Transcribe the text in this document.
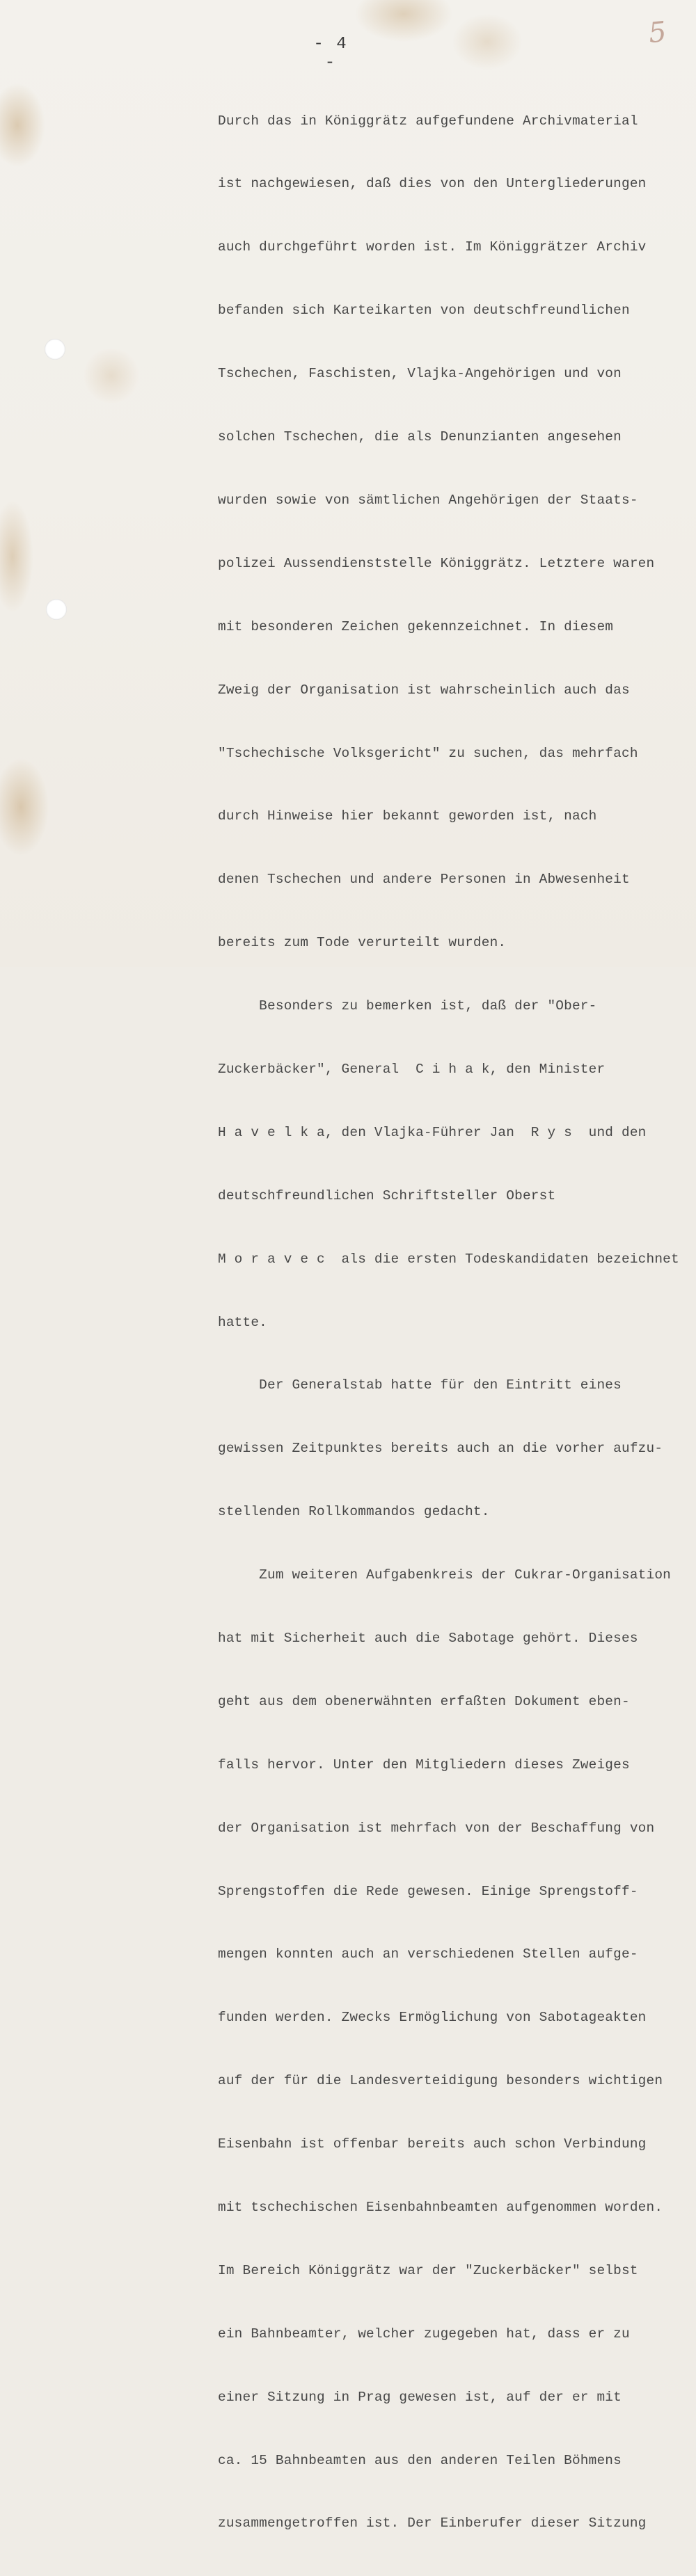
- 4 -
5

Durch das in Königgrätz aufgefundene Archivmaterial

ist nachgewiesen, daß dies von den Untergliederungen

auch durchgeführt worden ist. Im Königgrätzer Archiv

befanden sich Karteikarten von deutschfreundlichen

Tschechen, Faschisten, Vlajka-Angehörigen und von

solchen Tschechen, die als Denunzianten angesehen

wurden sowie von sämtlichen Angehörigen der Staats-

polizei Aussendienststelle Königgrätz. Letztere waren

mit besonderen Zeichen gekennzeichnet. In diesem

Zweig der Organisation ist wahrscheinlich auch das

"Tschechische Volksgericht" zu suchen, das mehrfach

durch Hinweise hier bekannt geworden ist, nach

denen Tschechen und andere Personen in Abwesenheit

bereits zum Tode verurteilt wurden.

Besonders zu bemerken ist, daß der "Ober-

Zuckerbäcker", General  C i h a k, den Minister

H a v e l k a, den Vlajka-Führer Jan  R y s  und den

deutschfreundlichen Schriftsteller Oberst

M o r a v e c  als die ersten Todeskandidaten bezeichnet

hatte.

Der Generalstab hatte für den Eintritt eines

gewissen Zeitpunktes bereits auch an die vorher aufzu-

stellenden Rollkommandos gedacht.

Zum weiteren Aufgabenkreis der Cukrar-Organisation

hat mit Sicherheit auch die Sabotage gehört. Dieses

geht aus dem obenerwähnten erfaßten Dokument eben-

falls hervor. Unter den Mitgliedern dieses Zweiges

der Organisation ist mehrfach von der Beschaffung von

Sprengstoffen die Rede gewesen. Einige Sprengstoff-

mengen konnten auch an verschiedenen Stellen aufge-

funden werden. Zwecks Ermöglichung von Sabotageakten

auf der für die Landesverteidigung besonders wichtigen

Eisenbahn ist offenbar bereits auch schon Verbindung

mit tschechischen Eisenbahnbeamten aufgenommen worden.

Im Bereich Königgrätz war der "Zuckerbäcker" selbst

ein Bahnbeamter, welcher zugegeben hat, dass er zu

einer Sitzung in Prag gewesen ist, auf der er mit

ca. 15 Bahnbeamten aus den anderen Teilen Böhmens

zusammengetroffen ist. Der Einberufer dieser Sitzung
